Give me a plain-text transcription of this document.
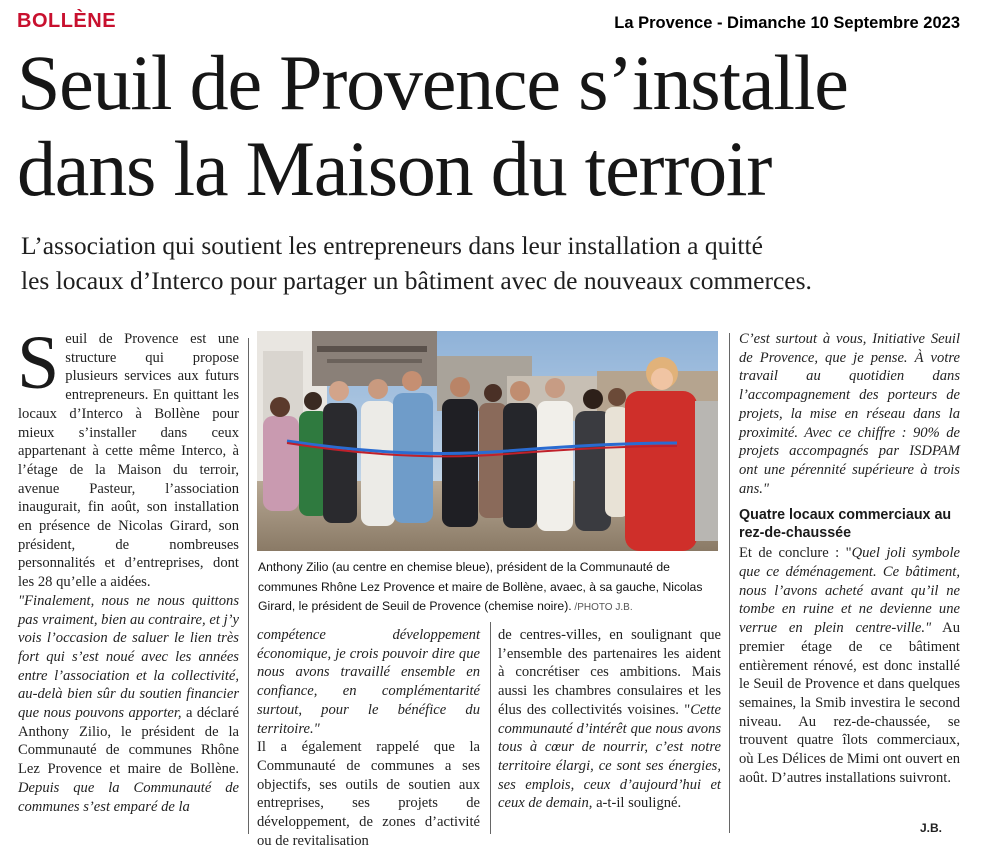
BOLLÈNE	La Provence - Dimanche 10 Septembre 2023
Seuil de Provence s’installe
dans la Maison du terroir

L’association qui soutient les entrepreneurs dans leur installation a quitté
les locaux d’Interco pour partager un bâtiment avec de nouveaux commerces.

Seuil de Provence est une structure qui propose plusieurs services aux futurs entrepreneurs. En quittant les locaux d’Interco à Bollène pour mieux s’installer dans ceux appartenant à cette même Interco, à l’étage de la Maison du terroir, avenue Pasteur, l’association inaugurait, fin août, son installation en présence de Nicolas Girard, son président, de nombreuses personnalités et d’entreprises, dont les 28 qu’elle a aidées.

"Finalement, nous ne nous quittons pas vraiment, bien au contraire, et j’y vois l’occasion de saluer le lien très fort qui s’est noué avec les années entre l’association et la collectivité, au-delà bien sûr du soutien financier que nous pouvons apporter, a déclaré Anthony Zilio, le président de la Communauté de communes Rhône Lez Provence et maire de Bollène. Depuis que la Communauté de communes s’est emparé de la

Anthony Zilio (au centre en chemise bleue), président de la Communauté de communes Rhône Lez Provence et maire de Bollène, avaec, à sa gauche, Nicolas Girard, le président de Seuil de Provence (chemise noire). /PHOTO J.B.

compétence développement économique, je crois pouvoir dire que nous avons travaillé ensemble en confiance, en complémentarité surtout, pour le bénéfice du territoire."

Il a également rappelé que la Communauté de communes a ses objectifs, ses outils de soutien aux entreprises, ses projets de développement, de zones d’activité ou de revitalisation

de centres-villes, en soulignant que l’ensemble des partenaires les aident à concrétiser ces ambitions. Mais aussi les chambres consulaires et les élus des collectivités voisines. "Cette communauté d’intérêt que nous avons tous à cœur de nourrir, c’est notre territoire élargi, ce sont ses énergies, ses emplois, ceux d’aujourd’hui et ceux de demain, a-t-il souligné.

C’est surtout à vous, Initiative Seuil de Provence, que je pense. À votre travail au quotidien dans l’accompagnement des porteurs de projets, la mise en réseau dans la proximité. Avec ce chiffre : 90% de projets accompagnés par ISDPAM ont une pérennité supérieure à trois ans."

Quatre locaux commerciaux au rez-de-chaussée

Et de conclure : "Quel joli symbole que ce déménagement. Ce bâtiment, nous l’avons acheté avant qu’il ne tombe en ruine et ne devienne une verrue en plein centre-ville." Au premier étage de ce bâtiment entièrement rénové, est donc installé le Seuil de Provence et dans quelques semaines, la Smib investira le second niveau. Au rez-de-chaussée, se trouvent quatre îlots commerciaux, où Les Délices de Mimi ont ouvert en août. D’autres installations suivront.

J.B.
